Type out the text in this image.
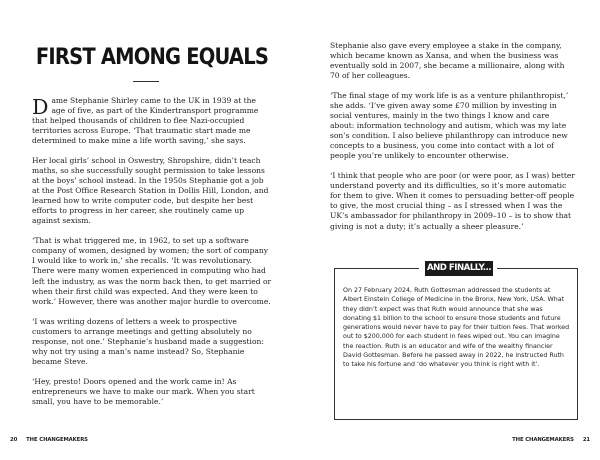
FIRST AMONG EQUALS

Dame Stephanie Shirley came to the UK in 1939 at the age of five, as part of the Kindertransport programme that helped thousands of children to flee Nazi-occupied territories across Europe. ‘That traumatic start made me determined to make mine a life worth saving,’ she says.

Her local girls’ school in Oswestry, Shropshire, didn’t teach maths, so she successfully sought permission to take lessons at the boys’ school instead. In the 1950s Stephanie got a job at the Post Office Research Station in Dollis Hill, London, and learned how to write computer code, but despite her best efforts to progress in her career, she routinely came up against sexism.

‘That is what triggered me, in 1962, to set up a software company of women, designed by women; the sort of company I would like to work in,’ she recalls. ‘It was revolutionary. There were many women experienced in computing who had left the industry, as was the norm back then, to get married or when their first child was expected. And they were keen to work.’ However, there was another major hurdle to overcome.

‘I was writing dozens of letters a week to prospective customers to arrange meetings and getting absolutely no response, not one.’ Stephanie’s husband made a suggestion: why not try using a man’s name instead? So, Stephanie became Steve.

‘Hey, presto! Doors opened and the work came in! As entrepreneurs we have to make our mark. When you start small, you have to be memorable.’

20 THE CHANGEMAKERS

Stephanie also gave every employee a stake in the company, which became known as Xansa, and when the business was eventually sold in 2007, she became a millionaire, along with 70 of her colleagues.

‘The final stage of my work life is as a venture philanthropist,’ she adds. ‘I’ve given away some £70 million by investing in social ventures, mainly in the two things I know and care about: information technology and autism, which was my late son’s condition. I also believe philanthropy can introduce new concepts to a business, you come into contact with a lot of people you’re unlikely to encounter otherwise.

‘I think that people who are poor (or were poor, as I was) better understand poverty and its difficulties, so it’s more automatic for them to give. When it comes to persuading better-off people to give, the most crucial thing – as I stressed when I was the UK’s ambassador for philanthropy in 2009–10 – is to show that giving is not a duty; it’s actually a sheer pleasure.’

AND FINALLY...
On 27 February 2024, Ruth Gottesman addressed the students at Albert Einstein College of Medicine in the Bronx, New York, USA. What they didn’t expect was that Ruth would announce that she was donating $1 billion to the school to ensure those students and future generations would never have to pay for their tuition fees. That worked out to $200,000 for each student in fees wiped out. You can imagine the reaction. Ruth is an educator and wife of the wealthy financier David Gottesman. Before he passed away in 2022, he instructed Ruth to take his fortune and ‘do whatever you think is right with it’.
THE CHANGEMAKERS 21
